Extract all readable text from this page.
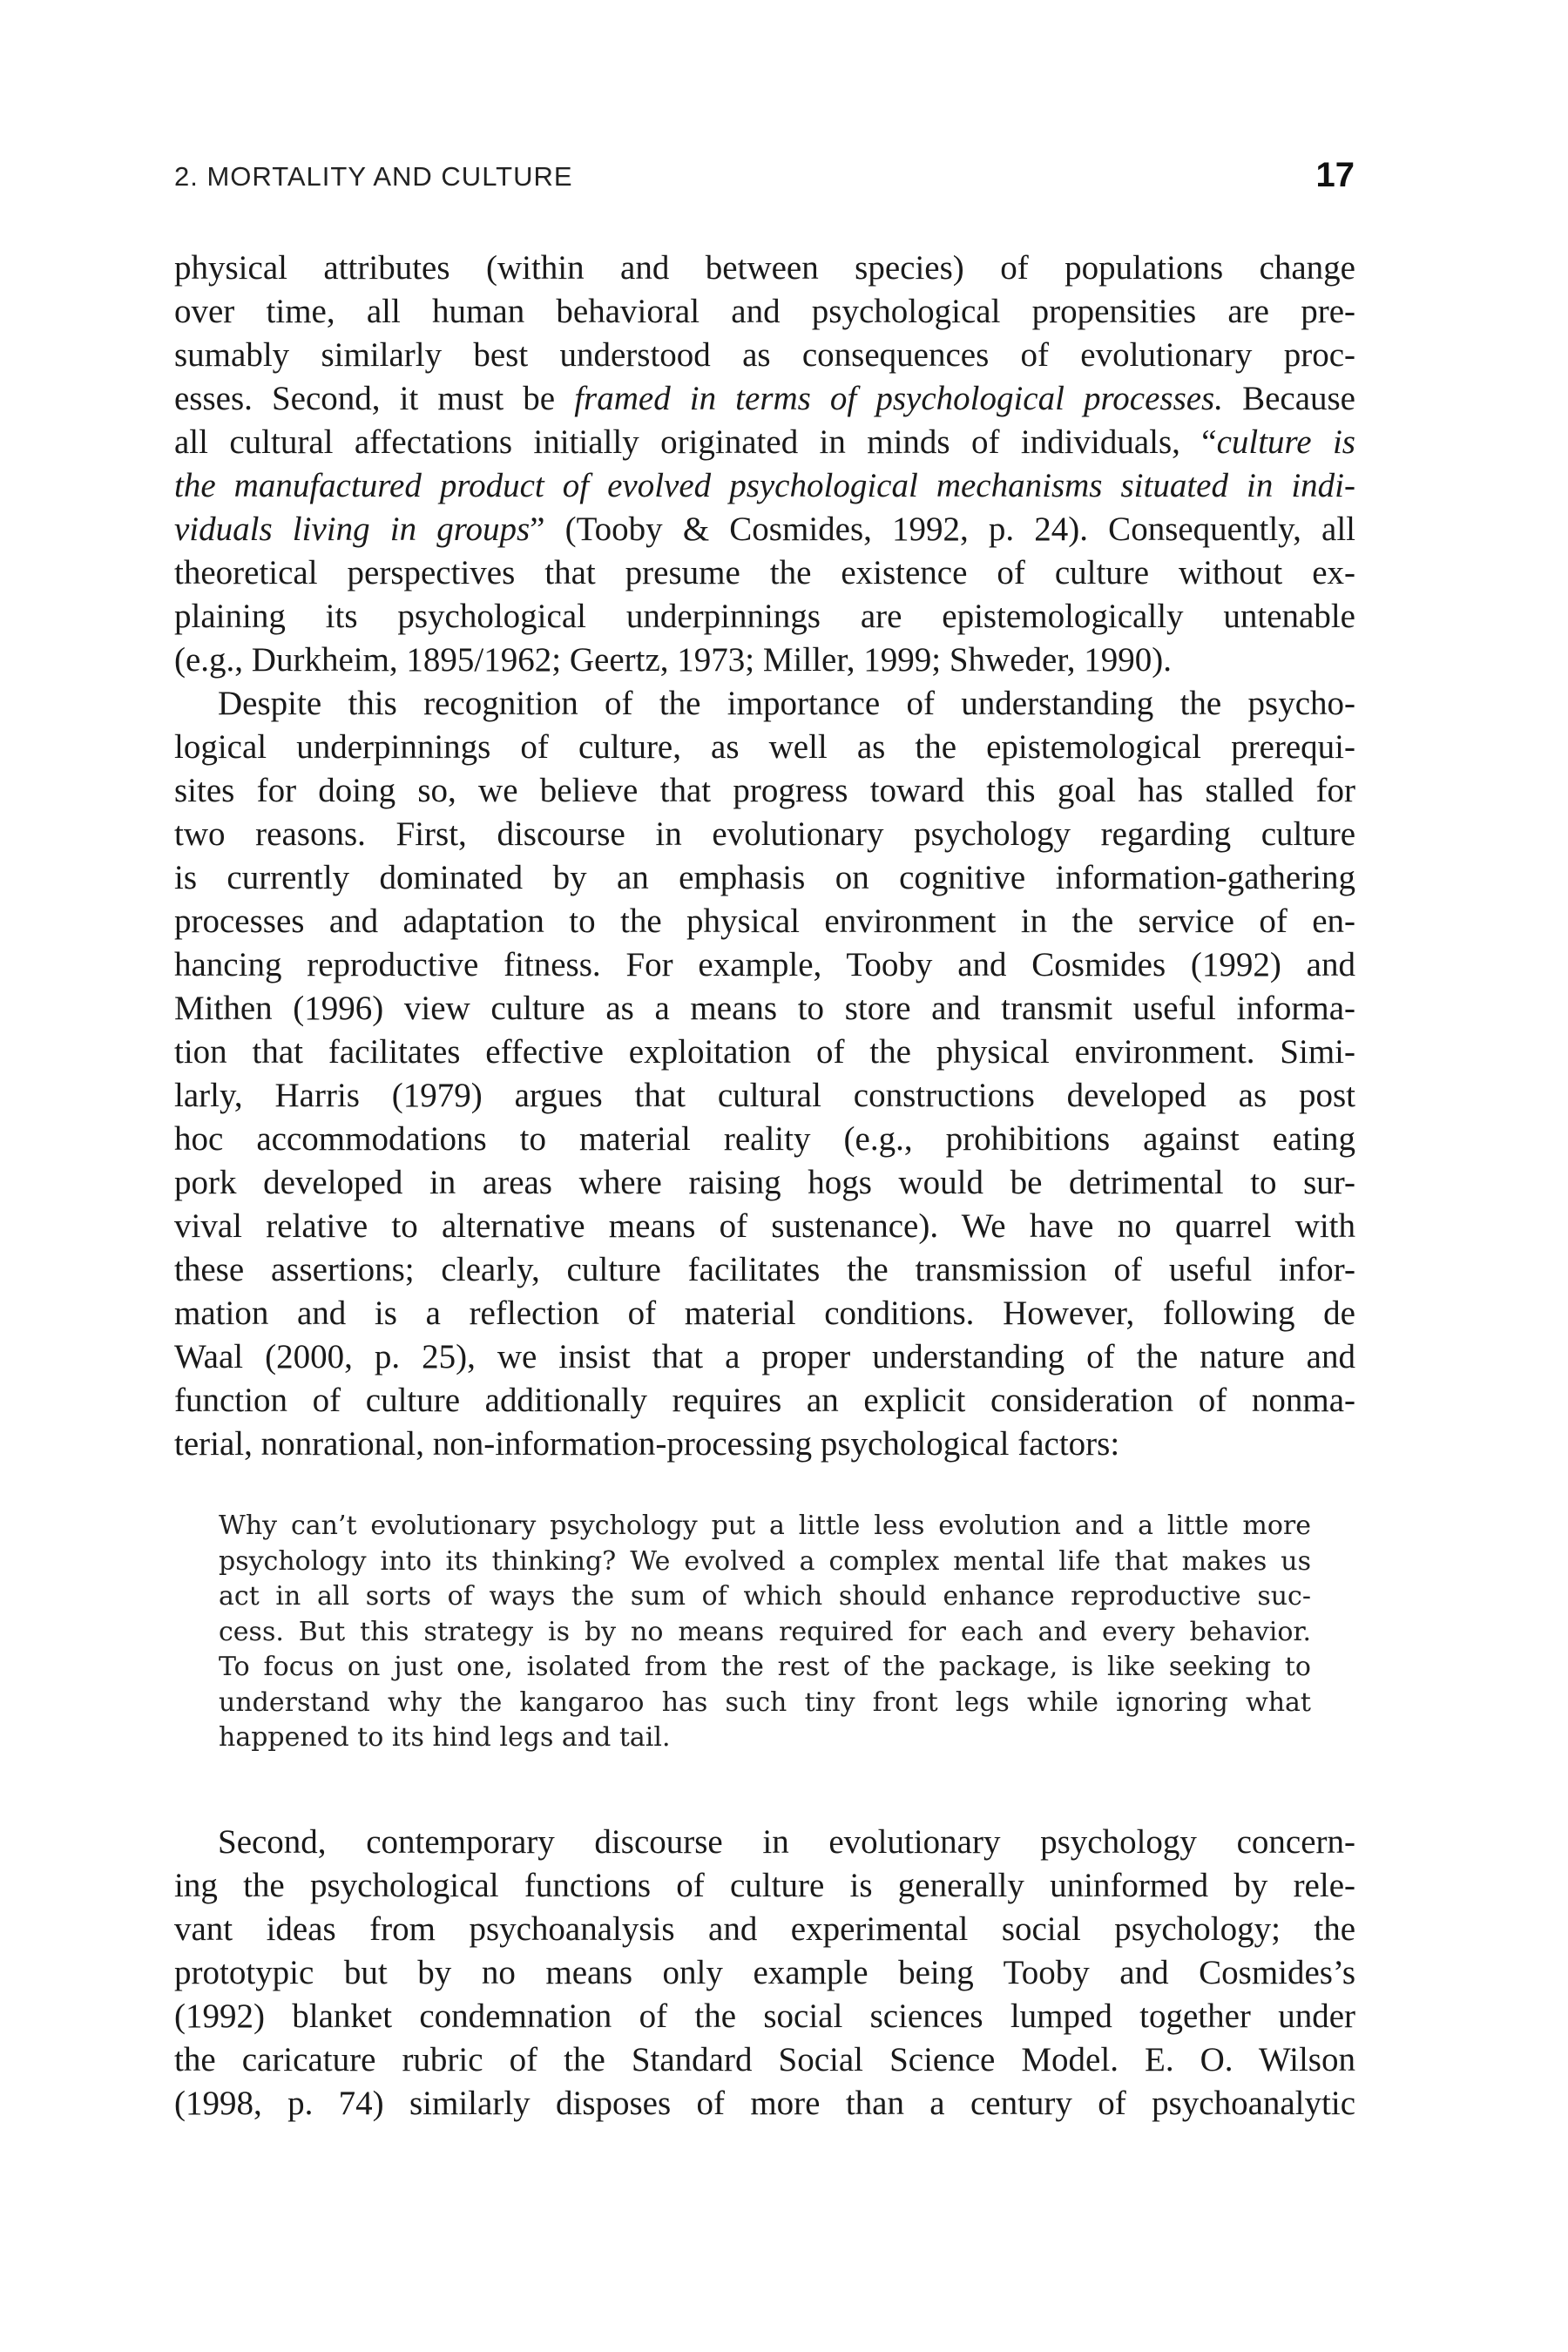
2. MORTALITY AND CULTURE	17

physical attributes (within and between species) of populations change
over time, all human behavioral and psychological propensities are pre-
sumably similarly best understood as consequences of evolutionary proc-
esses. Second, it must be framed in terms of psychological processes. Because
all cultural affectations initially originated in minds of individuals, “culture is
the manufactured product of evolved psychological mechanisms situated in indi-
viduals living in groups” (Tooby & Cosmides, 1992, p. 24). Consequently, all
theoretical perspectives that presume the existence of culture without ex-
plaining its psychological underpinnings are epistemologically untenable
(e.g., Durkheim, 1895/1962; Geertz, 1973; Miller, 1999; Shweder, 1990).

Despite this recognition of the importance of understanding the psycho-
logical underpinnings of culture, as well as the epistemological prerequi-
sites for doing so, we believe that progress toward this goal has stalled for
two reasons. First, discourse in evolutionary psychology regarding culture
is currently dominated by an emphasis on cognitive information-gathering
processes and adaptation to the physical environment in the service of en-
hancing reproductive fitness. For example, Tooby and Cosmides (1992) and
Mithen (1996) view culture as a means to store and transmit useful informa-
tion that facilitates effective exploitation of the physical environment. Simi-
larly, Harris (1979) argues that cultural constructions developed as post
hoc accommodations to material reality (e.g., prohibitions against eating
pork developed in areas where raising hogs would be detrimental to sur-
vival relative to alternative means of sustenance). We have no quarrel with
these assertions; clearly, culture facilitates the transmission of useful infor-
mation and is a reflection of material conditions. However, following de
Waal (2000, p. 25), we insist that a proper understanding of the nature and
function of culture additionally requires an explicit consideration of nonma-
terial, nonrational, non-information-processing psychological factors:

Why can’t evolutionary psychology put a little less evolution and a little more
psychology into its thinking? We evolved a complex mental life that makes us
act in all sorts of ways the sum of which should enhance reproductive suc-
cess. But this strategy is by no means required for each and every behavior.
To focus on just one, isolated from the rest of the package, is like seeking to
understand why the kangaroo has such tiny front legs while ignoring what
happened to its hind legs and tail.

Second, contemporary discourse in evolutionary psychology concern-
ing the psychological functions of culture is generally uninformed by rele-
vant ideas from psychoanalysis and experimental social psychology; the
prototypic but by no means only example being Tooby and Cosmides’s
(1992) blanket condemnation of the social sciences lumped together under
the caricature rubric of the Standard Social Science Model. E. O. Wilson
(1998, p. 74) similarly disposes of more than a century of psychoanalytic
